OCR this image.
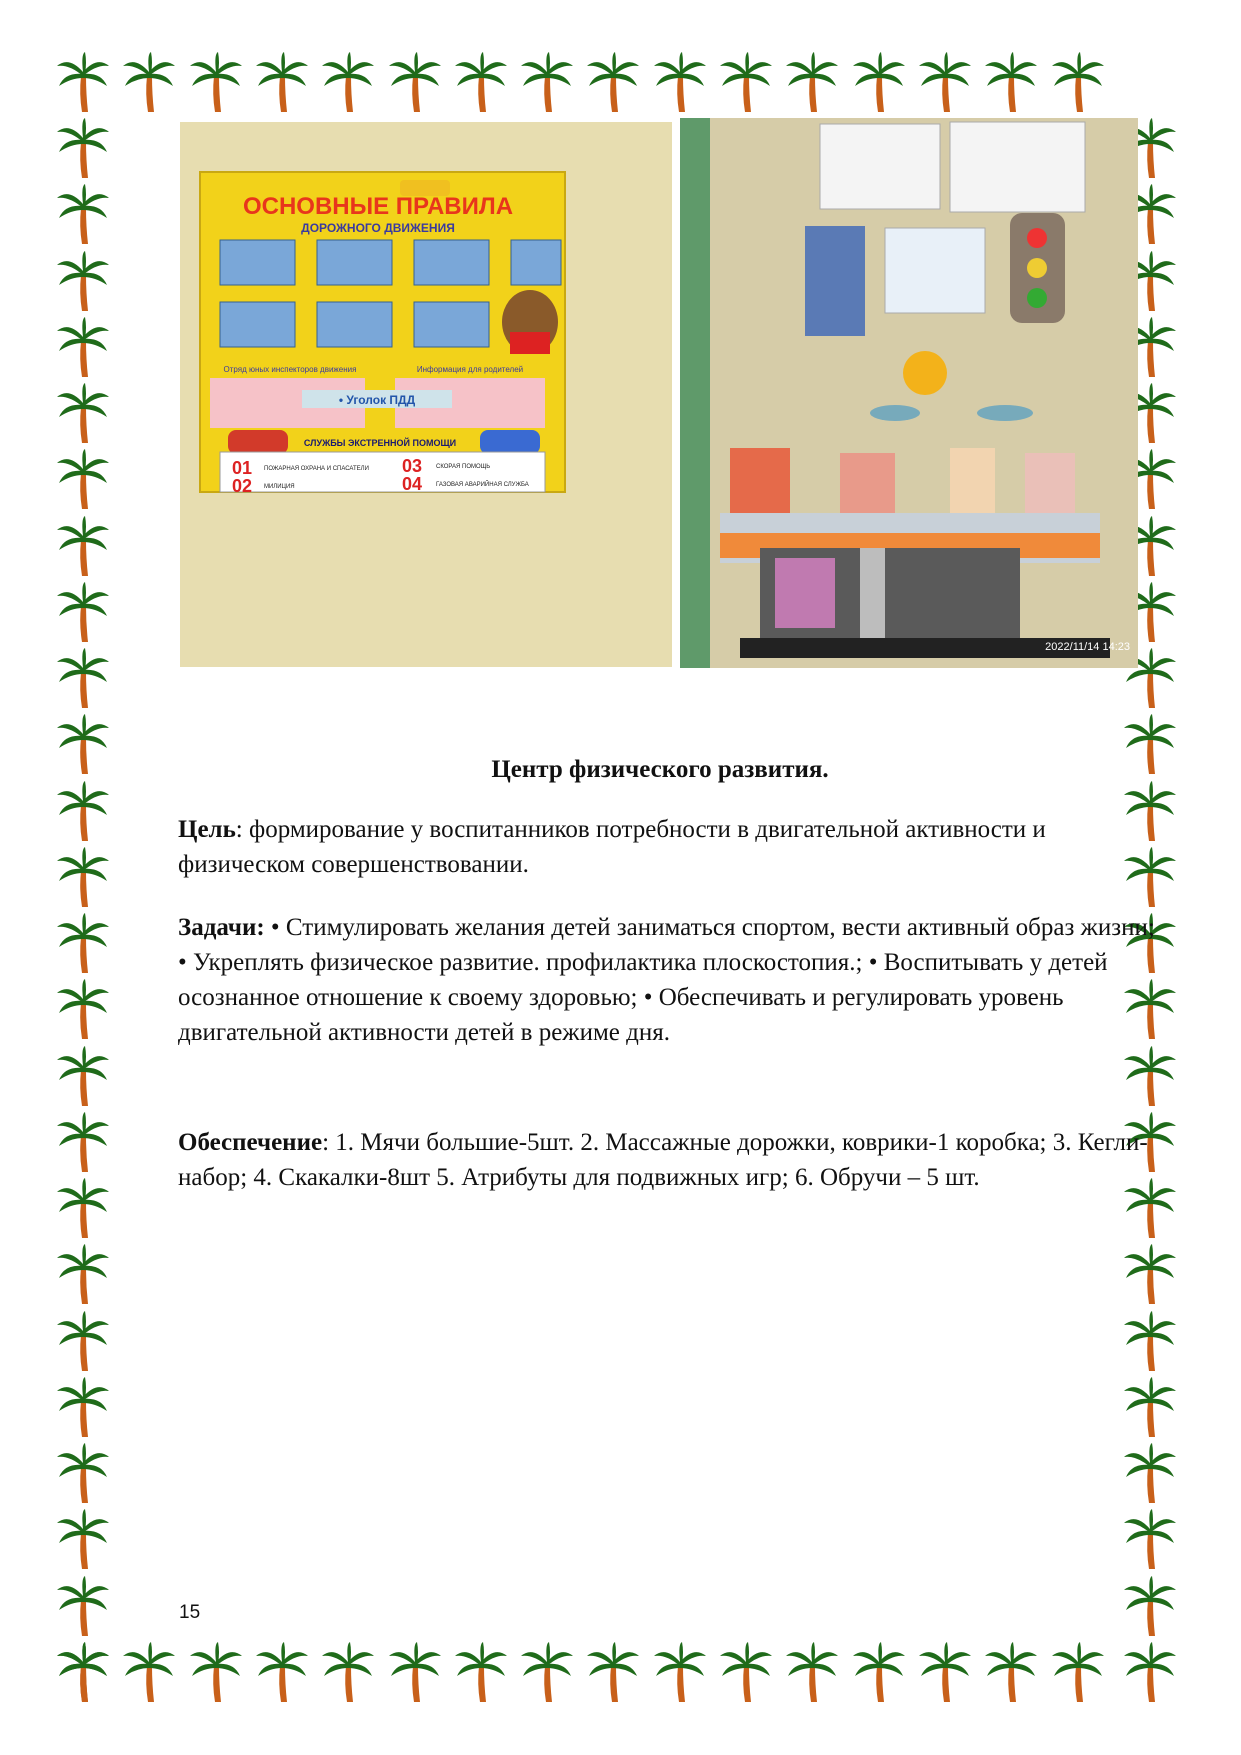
ОСНОВНЫЕ ПРАВИЛА
ДОРОЖНОГО ДВИЖЕНИЯ
Отряд юных инспекторов движения	Информация для родителей
• Уголок ПДД
СЛУЖБЫ ЭКСТРЕННОЙ ПОМОЩИ
01 ПОЖАРНАЯ ОХРАНА И СПАСАТЕЛИ 03 СКОРАЯ ПОМОЩЬ
02 МИЛИЦИЯ	04 ГАЗОВАЯ АВАРИЙНАЯ СЛУЖБА
2022/11/14 14:23
Центр физического развития.

Цель: формирование у воспитанников потребности в двигательной активности и физическом совершенствовании.

Задачи: • Стимулировать желания детей заниматься спортом, вести активный образ жизни; • Укреплять физическое развитие. профилактика плоскостопия.; • Воспитывать у детей осознанное отношение к своему здоровью; • Обеспечивать и регулировать уровень двигательной активности детей в режиме дня.

Обеспечение: 1. Мячи большие-5шт. 2. Массажные дорожки, коврики-1 коробка; 3. Кегли- набор; 4. Скакалки-8шт 5. Атрибуты для подвижных игр; 6. Обручи – 5 шт.

15
